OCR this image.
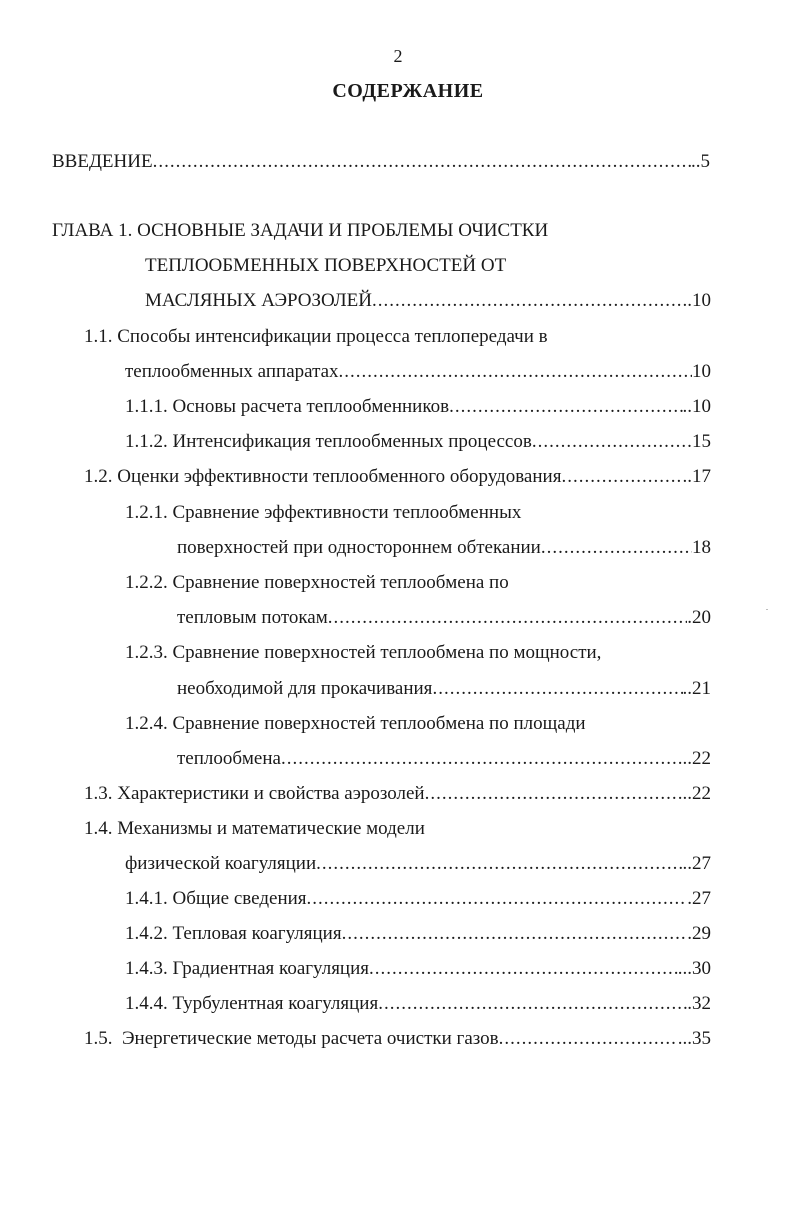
2
СОДЕРЖАНИЕ
ВВЕДЕНИЕ .....	..5
ГЛАВА 1. ОСНОВНЫЕ ЗАДАЧИ И ПРОБЛЕМЫ ОЧИСТКИ
ТЕПЛООБМЕННЫХ ПОВЕРХНОСТЕЙ ОТ
МАСЛЯНЫХ АЭРОЗОЛЕЙ .....	..10
1.1. Способы интенсификации процесса теплопередачи в
теплообменных аппаратах .....	10
1.1.1. Основы расчета теплообменников .....	..10
1.1.2. Интенсификация теплообменных процессов .....	15
1.2. Оценки эффективности теплообменного оборудования .....	..17
1.2.1. Сравнение эффективности теплообменных
поверхностей при одностороннем обтекании .....	18
1.2.2. Сравнение поверхностей теплообмена по
тепловым потокам .....	.20
1.2.3. Сравнение поверхностей теплообмена по мощности,
необходимой для прокачивания .....	..21
1.2.4. Сравнение поверхностей теплообмена по площади
теплообмена .....	...22
1.3. Характеристики и свойства аэрозолей .....	...22
1.4. Механизмы и математические модели
физической коагуляции .....	..27
1.4.1. Общие сведения .....	.27
1.4.2. Тепловая коагуляция .....	.29
1.4.3. Градиентная коагуляция .....	...30
1.4.4. Турбулентная коагуляция .....	.32
1.5.  Энергетические методы расчета очистки газов .....	...35
